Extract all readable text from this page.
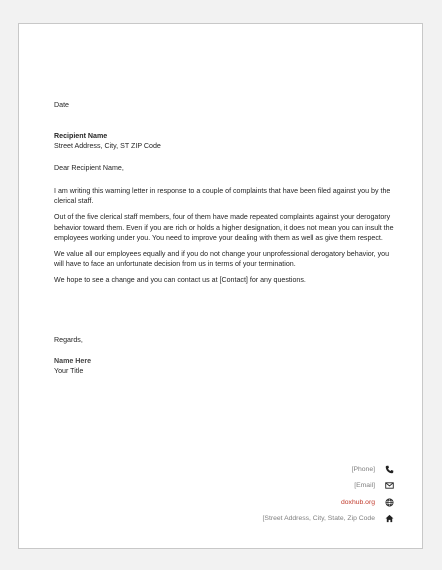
Date
Recipient Name
Street Address, City, ST ZIP Code
Dear Recipient Name,

I am writing this warning letter in response to a couple of complaints that have been filed against you by the clerical staff.

Out of the five clerical staff members, four of them have made repeated complaints against your derogatory behavior toward them. Even if you are rich or holds a higher designation, it does not mean you can insult the employees working under you. You need to improve your dealing with them as well as give them respect.

We value all our employees equally and if you do not change your unprofessional derogatory behavior, you will have to face an unfortunate decision from us in terms of your termination.

We hope to see a change and you can contact us at [Contact] for any questions.

Regards,
Name Here
Your Title
[Phone]
[Email]
doxhub.org
[Street Address, City, State, Zip Code
